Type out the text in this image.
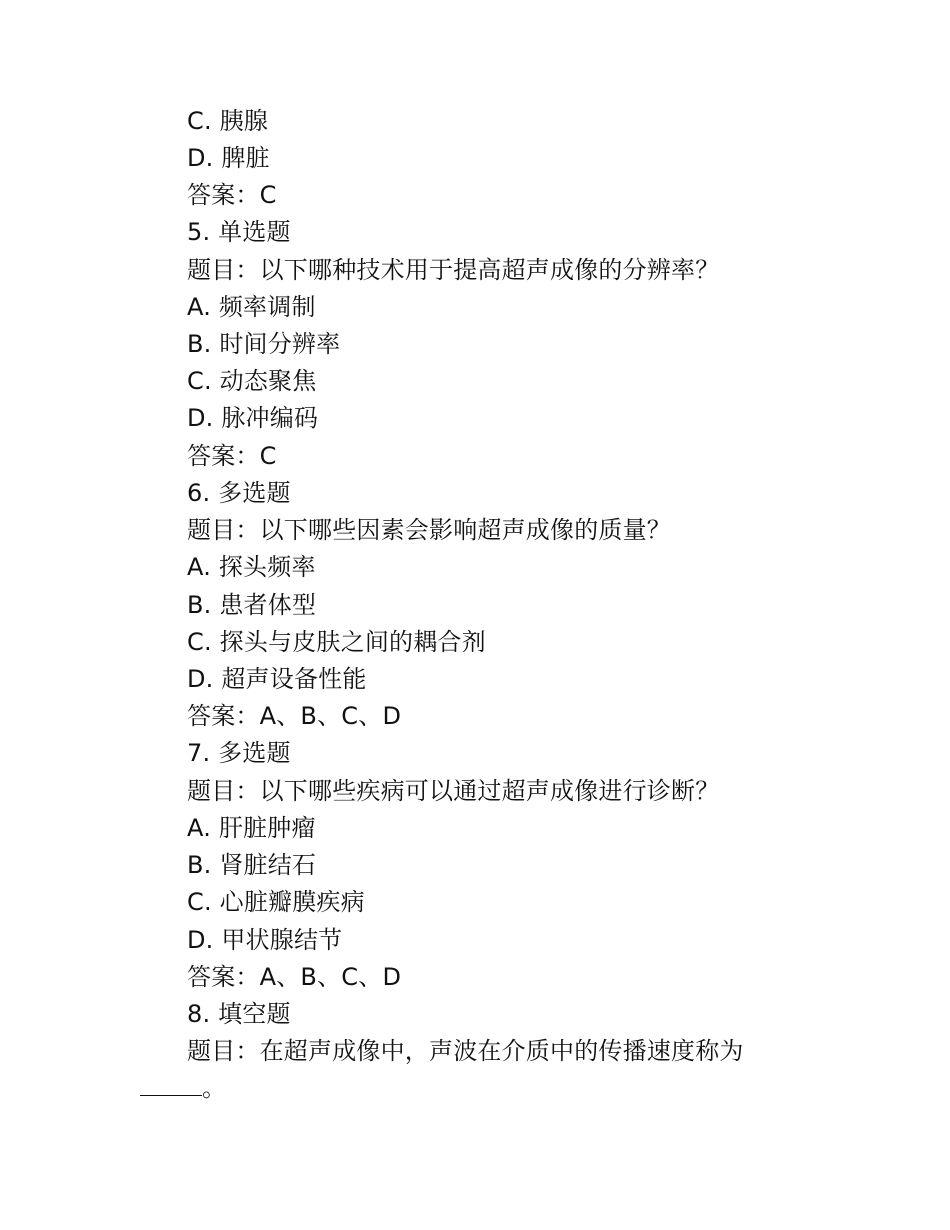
C. 胰腺
D. 脾脏
答案：C
5. 单选题
题目：以下哪种技术用于提高超声成像的分辨率？
A. 频率调制
B. 时间分辨率
C. 动态聚焦
D. 脉冲编码
答案：C
6. 多选题
题目：以下哪些因素会影响超声成像的质量？
A. 探头频率
B. 患者体型
C. 探头与皮肤之间的耦合剂
D. 超声设备性能
答案：A、B、C、D
7. 多选题
题目：以下哪些疾病可以通过超声成像进行诊断？
A. 肝脏肿瘤
B. 肾脏结石
C. 心脏瓣膜疾病
D. 甲状腺结节
答案：A、B、C、D
8. 填空题
题目：在超声成像中，声波在介质中的传播速度称为
。
